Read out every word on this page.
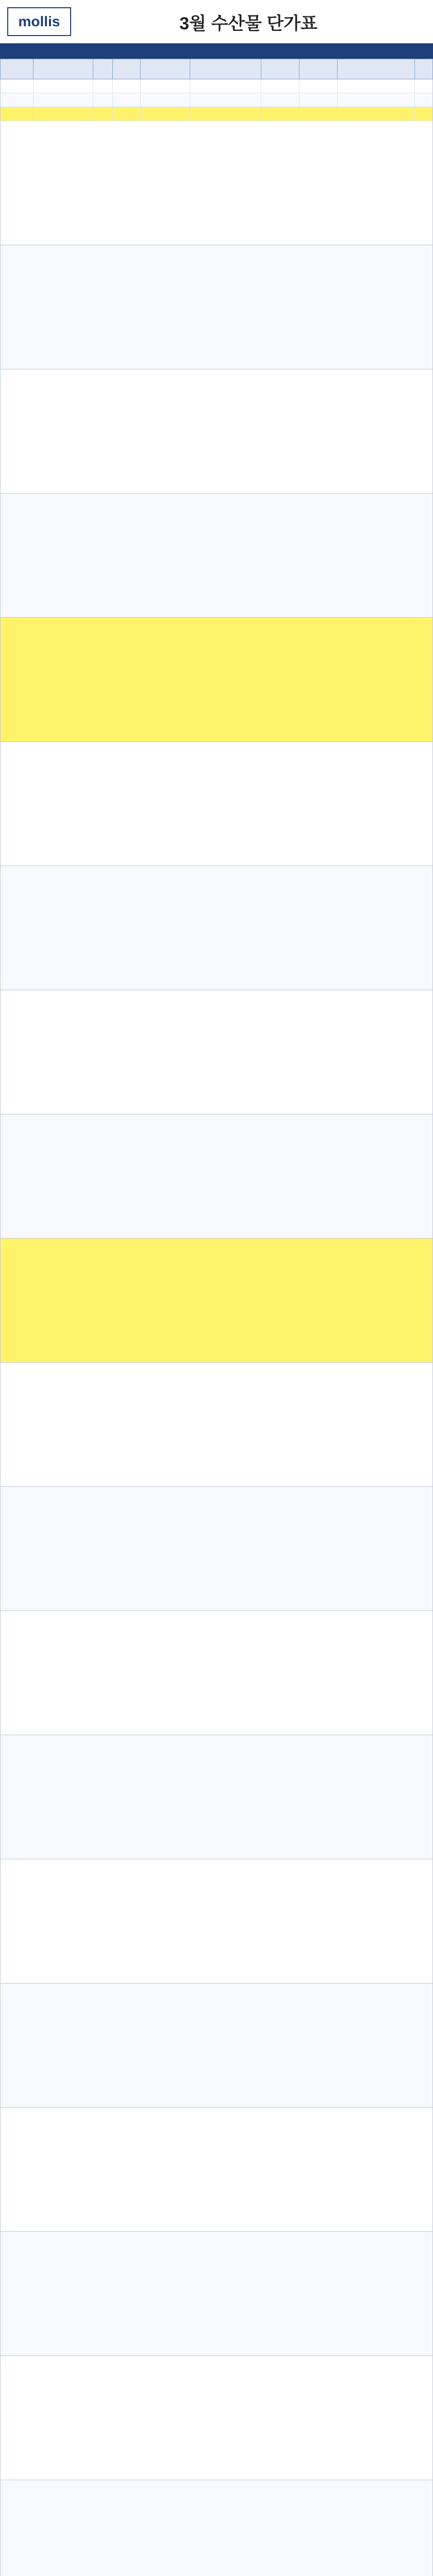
mollis	3월 수산물 단가표
